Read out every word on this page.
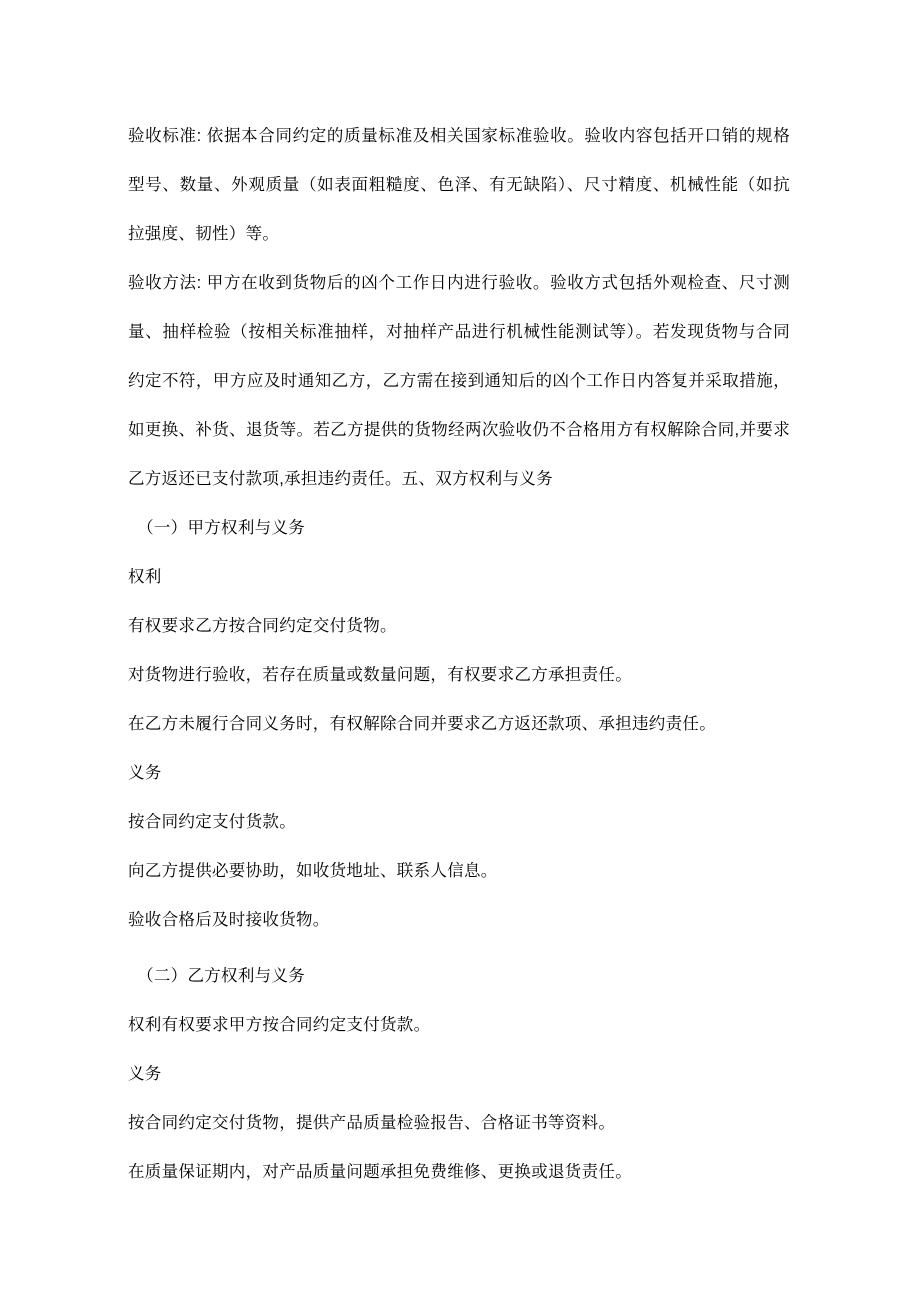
验收标准: 依据本合同约定的质量标准及相关国家标准验收。验收内容包括开口销的规格型号、数量、外观质量（如表面粗糙度、色泽、有无缺陷）、尺寸精度、机械性能（如抗拉强度、韧性）等。

验收方法: 甲方在收到货物后的凶个工作日内进行验收。验收方式包括外观检查、尺寸测量、抽样检验（按相关标准抽样，对抽样产品进行机械性能测试等）。若发现货物与合同约定不符，甲方应及时通知乙方，乙方需在接到通知后的凶个工作日内答复并采取措施，如更换、补货、退货等。若乙方提供的货物经两次验收仍不合格用方有权解除合同,并要求乙方返还已支付款项,承担违约责任。五、双方权利与义务

（一）甲方权利与义务

权利

有权要求乙方按合同约定交付货物。

对货物进行验收，若存在质量或数量问题，有权要求乙方承担责任。

在乙方未履行合同义务时，有权解除合同并要求乙方返还款项、承担违约责任。

义务

按合同约定支付货款。

向乙方提供必要协助，如收货地址、联系人信息。

验收合格后及时接收货物。

（二）乙方权利与义务

权利有权要求甲方按合同约定支付货款。

义务

按合同约定交付货物，提供产品质量检验报告、合格证书等资料。

在质量保证期内，对产品质量问题承担免费维修、更换或退货责任。
